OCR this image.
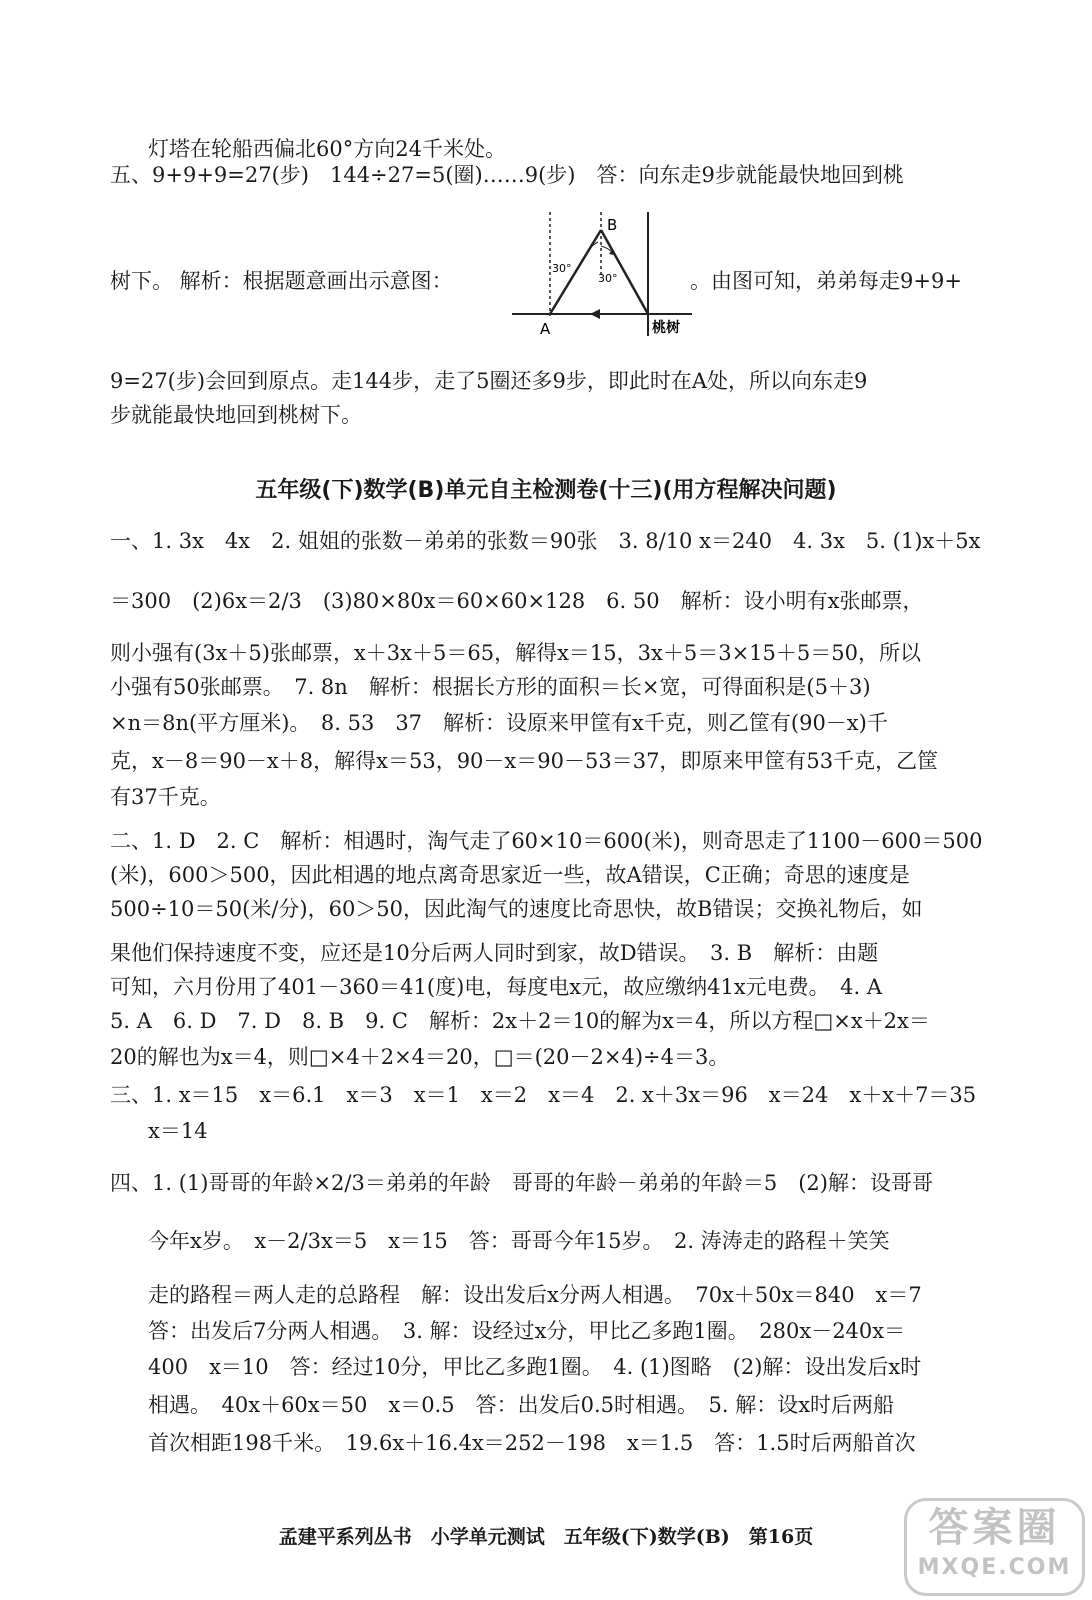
灯塔在轮船西偏北60°方向24千米处。
五、9+9+9=27(步)　144÷27=5(圈)……9(步)　答：向东走9步就能最快地回到桃
树下。 解析：根据题意画出示意图：	。由图可知，弟弟每走9+9+
A
B
桃树
30°
30°
9=27(步)会回到原点。走144步，走了5圈还多9步，即此时在A处，所以向东走9
步就能最快地回到桃树下。
五年级(下)数学(B)单元自主检测卷(十三)(用方程解决问题)
一、1. 3x　4x　2. 姐姐的张数－弟弟的张数＝90张　3. 8/10 x＝240　4. 3x　5. (1)x＋5x
＝300　(2)6x＝2/3　(3)80×80x＝60×60×128　6. 50　解析：设小明有x张邮票，
则小强有(3x＋5)张邮票，x＋3x＋5＝65，解得x＝15，3x＋5＝3×15＋5＝50，所以
小强有50张邮票。　7. 8n　解析：根据长方形的面积＝长×宽，可得面积是(5＋3)
×n＝8n(平方厘米)。　8. 53　37　解析：设原来甲筐有x千克，则乙筐有(90－x)千
克，x－8＝90－x＋8，解得x＝53，90－x＝90－53＝37，即原来甲筐有53千克，乙筐
有37千克。
二、1. D　2. C　解析：相遇时，淘气走了60×10＝600(米)，则奇思走了1100－600＝500
(米)，600＞500，因此相遇的地点离奇思家近一些，故A错误，C正确；奇思的速度是
500÷10＝50(米/分)，60＞50，因此淘气的速度比奇思快，故B错误；交换礼物后，如
果他们保持速度不变，应还是10分后两人同时到家，故D错误。　3. B　解析：由题
可知，六月份用了401－360＝41(度)电，每度电x元，故应缴纳41x元电费。　4. A
5. A　6. D　7. D　8. B　9. C　解析：2x＋2＝10的解为x＝4，所以方程□×x＋2x＝
20的解也为x＝4，则□×4＋2×4＝20，□＝(20－2×4)÷4＝3。
三、1. x＝15　x＝6.1　x＝3　x＝1　x＝2　x＝4　2. x＋3x＝96　x＝24　x＋x＋7＝35
x＝14
四、1. (1)哥哥的年龄×2/3＝弟弟的年龄　哥哥的年龄－弟弟的年龄＝5　(2)解：设哥哥
今年x岁。　x－2/3x＝5　x＝15　答：哥哥今年15岁。　2. 涛涛走的路程＋笑笑
走的路程＝两人走的总路程　解：设出发后x分两人相遇。　70x＋50x＝840　x＝7
答：出发后7分两人相遇。　3. 解：设经过x分，甲比乙多跑1圈。　280x－240x＝
400　x＝10　答：经过10分，甲比乙多跑1圈。　4. (1)图略　(2)解：设出发后x时
相遇。　40x＋60x＝50　x＝0.5　答：出发后0.5时相遇。　5. 解：设x时后两船
首次相距198千米。　19.6x＋16.4x＝252－198　x＝1.5　答：1.5时后两船首次
孟建平系列丛书　小学单元测试　五年级(下)数学(B)　第16页	答案圈
MXQE.COM
